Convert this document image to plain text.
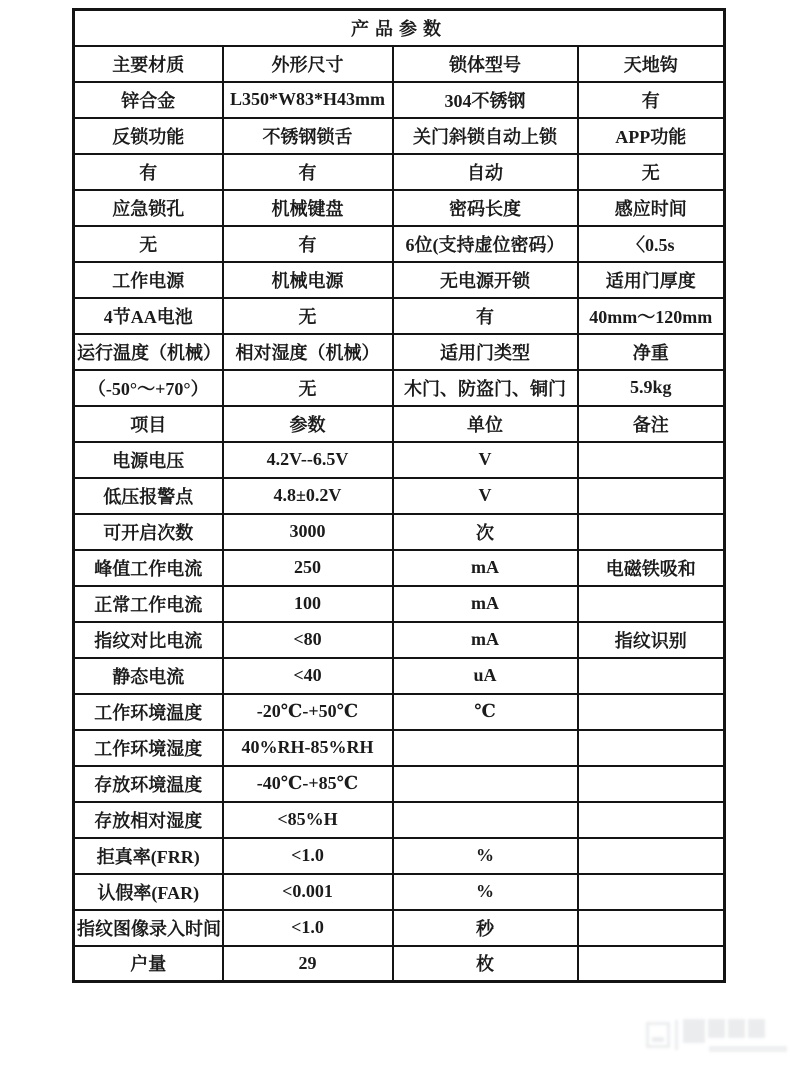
产品参数			
主要材质	外形尺寸	锁体型号	天地钩
锌合金	L350*W83*H43mm	304不锈钢	有
反锁功能	不锈钢锁舌	关门斜锁自动上锁	APP功能
有	有	自动	无
应急锁孔	机械键盘	密码长度	感应时间
无	有	6位(支持虚位密码）	〈0.5s
工作电源	机械电源	无电源开锁	适用门厚度
4节AA电池	无	有	40mm～120mm
运行温度（机械）	相对湿度（机械）	适用门类型	净重
（-50°～+70°）	无	木门、防盗门、铜门	5.9kg
项目	参数	单位	备注
电源电压	4.2V--6.5V	V	
低压报警点	4.8±0.2V	V	
可开启次数	3000	次	
峰值工作电流	250	mA	电磁铁吸和
正常工作电流	100	mA	
指纹对比电流	<80	mA	指纹识别
静态电流	<40	uA	
工作环境温度	-20℃-+50℃	℃	
工作环境湿度	40%RH-85%RH		
存放环境温度	-40℃-+85℃		
存放相对湿度	<85%H		
拒真率(FRR)	<1.0	%	
认假率(FAR)	<0.001	%	
指纹图像录入时间	<1.0	秒	
户量	29	枚	
